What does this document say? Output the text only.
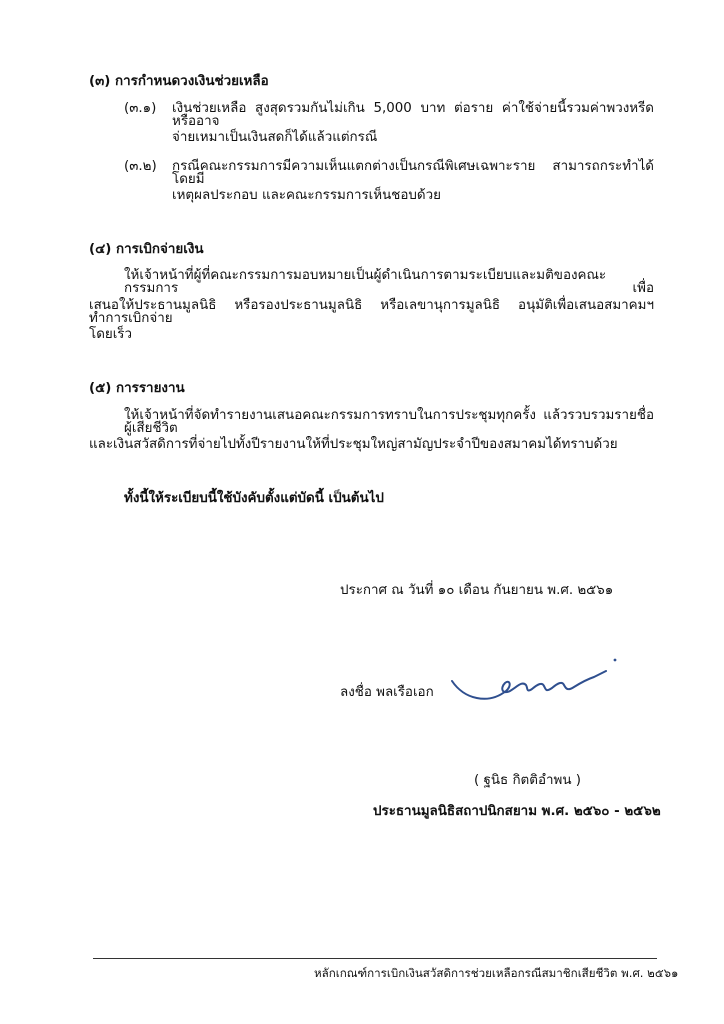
(๓) การกำหนดวงเงินช่วยเหลือ
(๓.๑) เงินช่วยเหลือ สูงสุดรวมกันไม่เกิน 5,000 บาท ต่อราย ค่าใช้จ่ายนี้รวมค่าพวงหรีด หรืออาจ
จ่ายเหมาเป็นเงินสดก็ได้แล้วแต่กรณี
(๓.๒) กรณีคณะกรรมการมีความเห็นแตกต่างเป็นกรณีพิเศษเฉพาะราย สามารถกระทำได้โดยมี
เหตุผลประกอบ และคณะกรรมการเห็นชอบด้วย
(๔) การเบิกจ่ายเงิน
ให้เจ้าหน้าที่ผู้ที่คณะกรรมการมอบหมายเป็นผู้ดำเนินการตามระเบียบและมติของคณะกรรมการ เพื่อ
เสนอให้ประธานมูลนิธิ หรือรองประธานมูลนิธิ หรือเลขานุการมูลนิธิ อนุมัติเพื่อเสนอสมาคมฯ ทำการเบิกจ่าย
โดยเร็ว
(๕) การรายงาน
ให้เจ้าหน้าที่จัดทำรายงานเสนอคณะกรรมการทราบในการประชุมทุกครั้ง แล้วรวบรวมรายชื่อผู้เสียชีวิต
และเงินสวัสดิการที่จ่ายไปทั้งปีรายงานให้ที่ประชุมใหญ่สามัญประจำปีของสมาคมได้ทราบด้วย
ทั้งนี้ให้ระเบียบนี้ใช้บังคับตั้งแต่บัดนี้ เป็นต้นไป
ประกาศ ณ วันที่ ๑๐ เดือน กันยายน พ.ศ. ๒๕๖๑
ลงชื่อ พลเรือเอก
( ฐนิธ กิตติอำพน )
ประธานมูลนิธิสถาปนิกสยาม พ.ศ. ๒๕๖๐ - ๒๕๖๒
หลักเกณฑ์การเบิกเงินสวัสดิการช่วยเหลือกรณีสมาชิกเสียชีวิต พ.ศ. ๒๕๖๑
